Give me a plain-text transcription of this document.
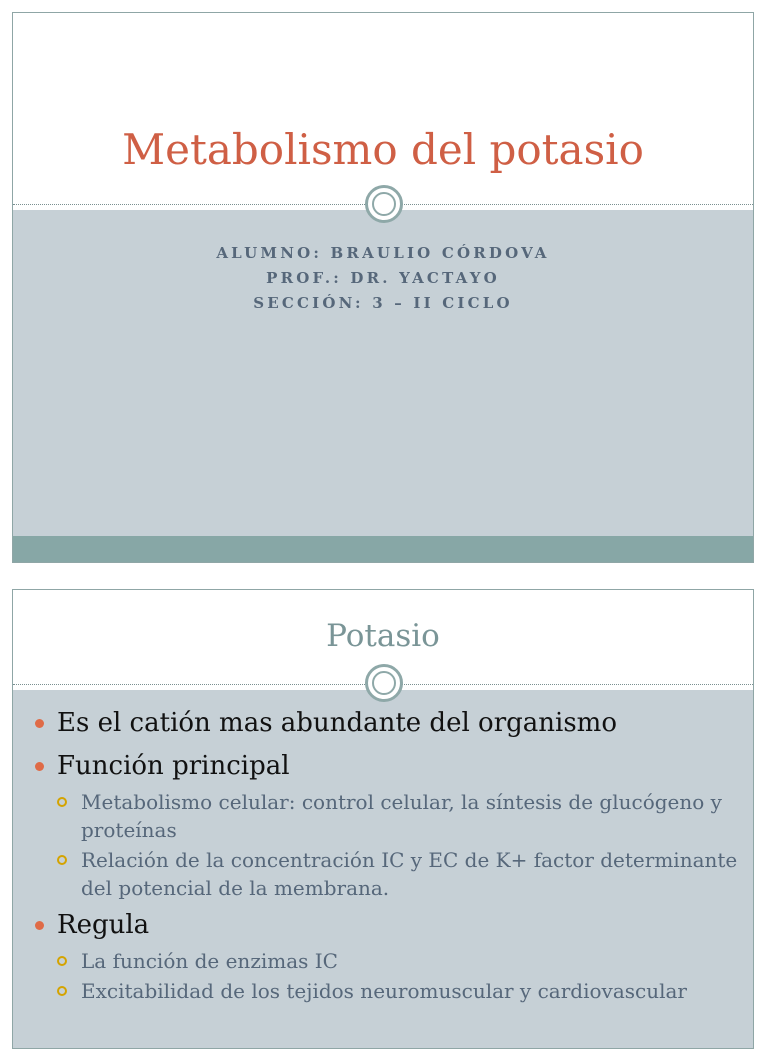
Metabolismo del potasio
ALUMNO: BRAULIO CÓRDOVA
PROF.: DR. YACTAYO
SECCIÓN: 3 – II CICLO
Potasio
Es el catión mas abundante del organismo
Función principal
Metabolismo celular: control celular, la síntesis de glucógeno y proteínas
Relación de la concentración IC y EC de K+ factor determinante del potencial de la membrana.
Regula
La función de enzimas IC
Excitabilidad de los tejidos neuromuscular y cardiovascular
